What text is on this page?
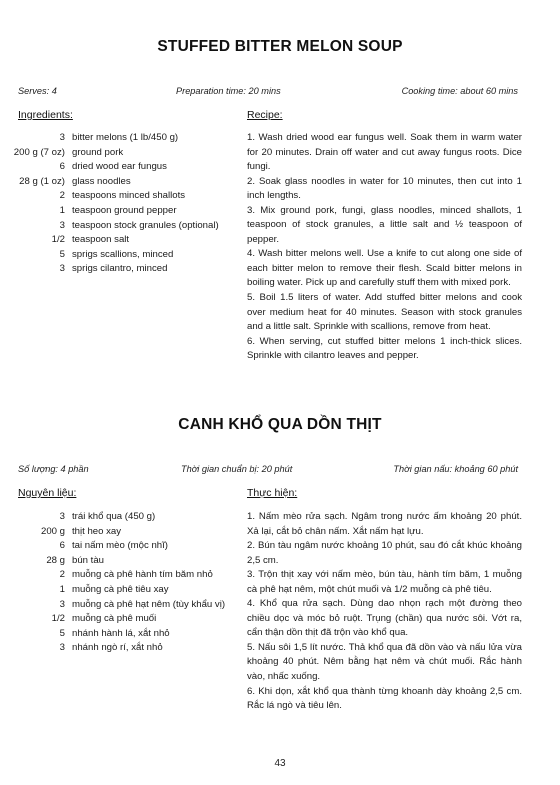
STUFFED BITTER MELON SOUP
Serves: 4	Preparation time: 20 mins	Cooking time: about 60 mins
Ingredients:	Recipe:
3 bitter melons (1 lb/450 g)
200 g (7 oz) ground pork
6 dried wood ear fungus
28 g (1 oz) glass noodles
2 teaspoons minced shallots
1 teaspoon ground pepper
3 teaspoon stock granules (optional)
1/2 teaspoon salt
5 sprigs scallions, minced
3 sprigs cilantro, minced

1. Wash dried wood ear fungus well. Soak them in warm water for 20 minutes. Drain off water and cut away fungus roots. Dice fungi.

2. Soak glass noodles in water for 10 minutes, then cut into 1 inch lengths.

3. Mix ground pork, fungi, glass noodles, minced shallots, 1 teaspoon of stock granules, a little salt and ½ teaspoon of pepper.

4. Wash bitter melons well. Use a knife to cut along one side of each bitter melon to remove their flesh. Scald bitter melons in boiling water. Pick up and carefully stuff them with mixed pork.

5. Boil 1.5 liters of water. Add stuffed bitter melons and cook over medium heat for 40 minutes. Season with stock granules and a little salt. Sprinkle with scallions, remove from heat.

6. When serving, cut stuffed bitter melons 1 inch-thick slices. Sprinkle with cilantro leaves and pepper.

CANH KHỔ QUA DỒN THỊT
Số lượng: 4 phần	Thời gian chuẩn bị: 20 phút	Thời gian nấu: khoảng 60 phút
Nguyên liệu:	Thực hiện:
3 trái khổ qua (450 g)
200 g thịt heo xay
6 tai nấm mèo (mộc nhĩ)
28 g bún tàu
2 muỗng cà phê hành tím băm nhỏ
1 muỗng cà phê tiêu xay
3 muỗng cà phê hạt nêm (tùy khẩu vị)
1/2 muỗng cà phê muối
5 nhánh hành lá, xắt nhỏ
3 nhánh ngò rí, xắt nhỏ

1. Nấm mèo rửa sạch. Ngâm trong nước ấm khoảng 20 phút. Xả lại, cắt bỏ chân nấm. Xắt nấm hạt lựu.

2. Bún tàu ngâm nước khoảng 10 phút, sau đó cắt khúc khoảng 2,5 cm.

3. Trộn thịt xay với nấm mèo, bún tàu, hành tím băm, 1 muỗng cà phê hạt nêm, một chút muối và 1/2 muỗng cà phê tiêu.

4. Khổ qua rửa sạch. Dùng dao nhọn rạch một đường theo chiều dọc và móc bỏ ruột. Trụng (chần) qua nước sôi. Vớt ra, cẩn thận dồn thịt đã trộn vào khổ qua.

5. Nấu sôi 1,5 lít nước. Thả khổ qua đã dồn vào và nấu lửa vừa khoảng 40 phút. Nêm bằng hạt nêm và chút muối. Rắc hành vào, nhấc xuống.

6. Khi dọn, xắt khổ qua thành từng khoanh dày khoảng 2,5 cm. Rắc lá ngò và tiêu lên.

43
